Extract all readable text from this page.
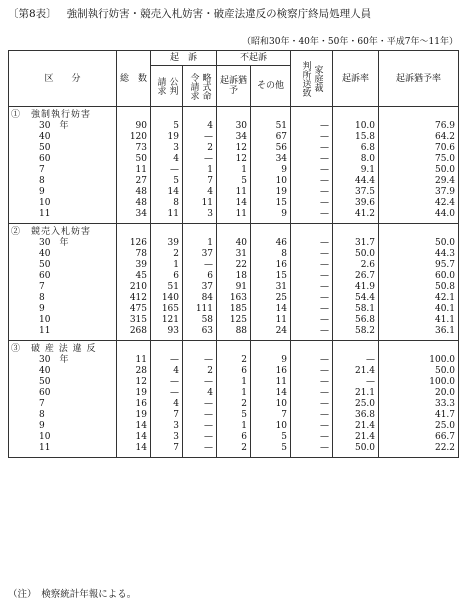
〔第8表〕 強制執行妨害・競売入札妨害・破産法違反の検察庁終局処理人員
（昭和30年・40年・50年・60年・平成7年～11年）
区　　分	総　数	起　訴		不起訴		家庭裁
判所送致	起訴率	起訴猶予率

		公判
請求	略式命
令請求	起訴猶予	その他			
①　強制執行妨害								
30　年	90	5	4	30	51	—	10.0	76.9
40	120	19	—	34	67	—	15.8	64.2
50	73	3	2	12	56	—	6.8	70.6
60	50	4	—	12	34	—	8.0	75.0
7	11	—	1	1	9	—	9.1	50.0
8	27	5	7	5	10	—	44.4	29.4
9	48	14	4	11	19	—	37.5	37.9
10	48	8	11	14	15	—	39.6	42.4
11	34	11	3	11	9	—	41.2	44.0
②　競売入札妨害								
30　年	126	39	1	40	46	—	31.7	50.0
40	78	2	37	31	8	—	50.0	44.3
50	39	1	—	22	16	—	2.6	95.7
60	45	6	6	18	15	—	26.7	60.0
7	210	51	37	91	31	—	41.9	50.8
8	412	140	84	163	25	—	54.4	42.1
9	475	165	111	185	14	—	58.1	40.1
10	315	121	58	125	11	—	56.8	41.1
11	268	93	63	88	24	—	58.2	36.1
③　破 産 法 違 反								
30　年	11	—	—	2	9	—	—	100.0
40	28	4	2	6	16	—	21.4	50.0
50	12	—	—	1	11	—	—	100.0
60	19	—	4	1	14	—	21.1	20.0
7	16	4	—	2	10	—	25.0	33.3
8	19	7	—	5	7	—	36.8	41.7
9	14	3	—	1	10	—	21.4	25.0
10	14	3	—	6	5	—	21.4	66.7
11	14	7	—	2	5	—	50.0	22.2
（注）　検察統計年報による。
